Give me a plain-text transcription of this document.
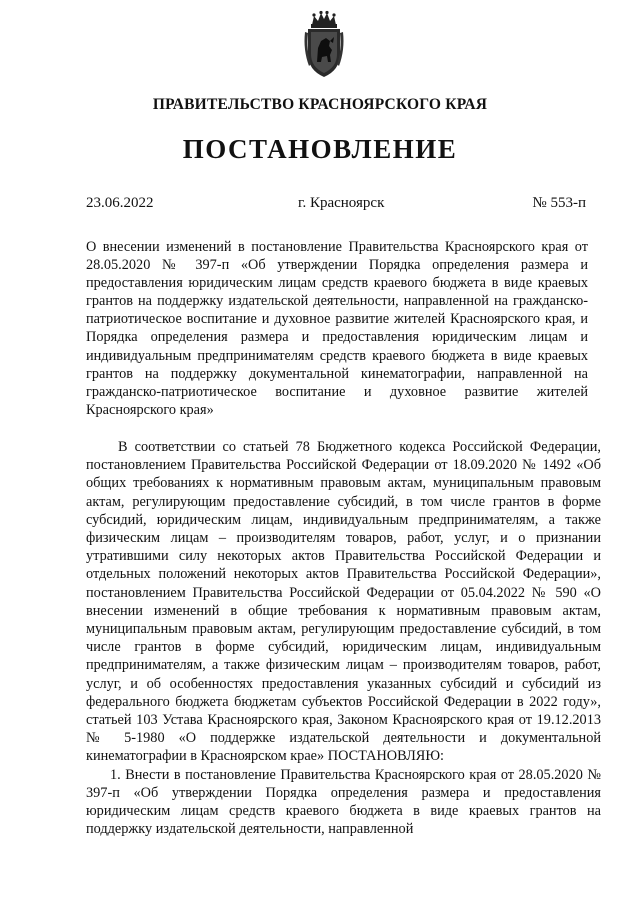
ПРАВИТЕЛЬСТВО КРАСНОЯРСКОГО КРАЯ
ПОСТАНОВЛЕНИЕ
23.06.2022	г. Красноярск	№ 553-п
О внесении изменений в постановление Правительства Красноярского края от 28.05.2020 № 397-п «Об утверждении Порядка определения размера и предоставления юридическим лицам средств краевого бюджета в виде краевых грантов на поддержку издательской деятельности, направленной на гражданско-патриотическое воспитание и духовное развитие жителей Красноярского края, и Порядка определения размера и предоставления юридическим лицам и индивидуальным предпринимателям средств краевого бюджета в виде краевых грантов на поддержку документальной кинематографии, направленной на гражданско-патриотическое воспитание и духовное развитие жителей Красноярского края»

В соответствии со статьей 78 Бюджетного кодекса Российской Федерации, постановлением Правительства Российской Федерации от 18.09.2020 № 1492 «Об общих требованиях к нормативным правовым актам, муниципальным правовым актам, регулирующим предоставление субсидий, в том числе грантов в форме субсидий, юридическим лицам, индивидуальным предпринимателям, а также физическим лицам – производителям товаров, работ, услуг, и о признании утратившими силу некоторых актов Правительства Российской Федерации и отдельных положений некоторых актов Правительства Российской Федерации», постановлением Правительства Российской Федерации от 05.04.2022 № 590 «О внесении изменений в общие требования к нормативным правовым актам, муниципальным правовым актам, регулирующим предоставление субсидий, в том числе грантов в форме субсидий, юридическим лицам, индивидуальным предпринимателям, а также физическим лицам – производителям товаров, работ, услуг, и об особенностях предоставления указанных субсидий и субсидий из федерального бюджета бюджетам субъектов Российской Федерации в 2022 году», статьей 103 Устава Красноярского края, Законом Красноярского края от 19.12.2013 № 5-1980 «О поддержке издательской деятельности и документальной кинематографии в Красноярском крае» ПОСТАНОВЛЯЮ:

1. Внести в постановление Правительства Красноярского края от 28.05.2020 № 397-п «Об утверждении Порядка определения размера и предоставления юридическим лицам средств краевого бюджета в виде краевых грантов на поддержку издательской деятельности, направленной
